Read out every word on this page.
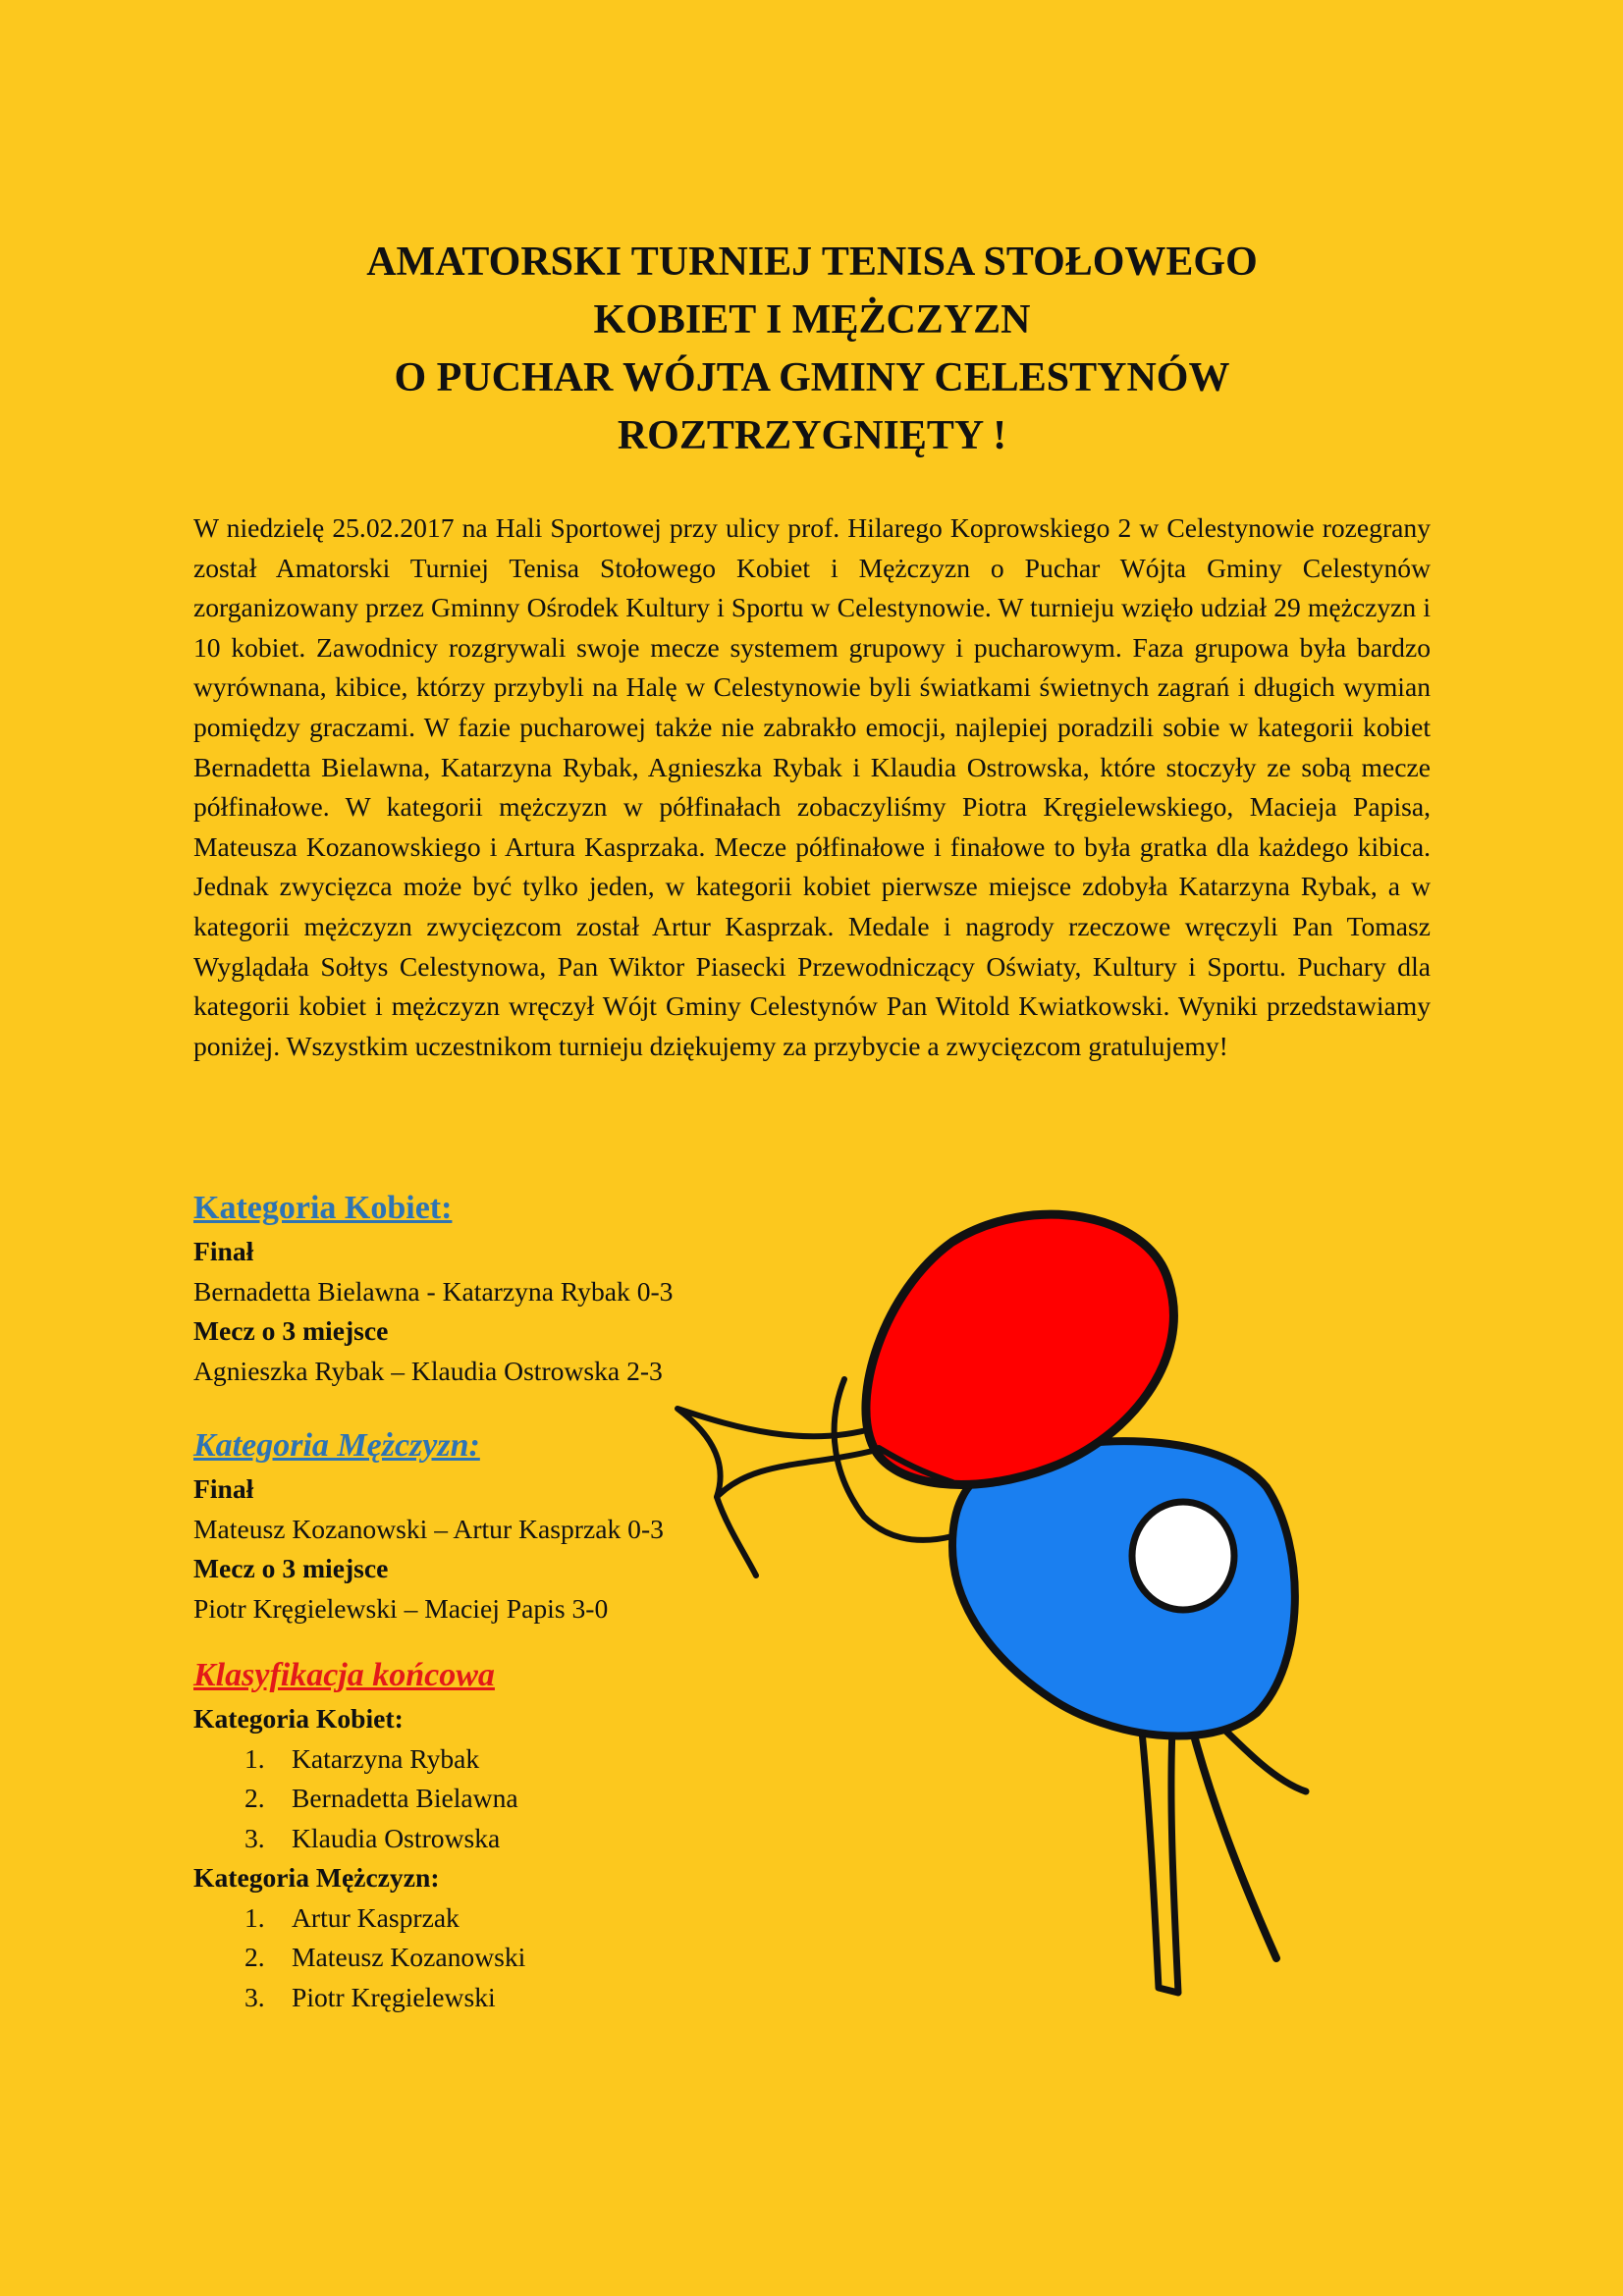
AMATORSKI TURNIEJ TENISA STOŁOWEGO
KOBIET I MĘŻCZYZN
O PUCHAR WÓJTA GMINY CELESTYNÓW
ROZTRZYGNIĘTY !

W niedzielę 25.02.2017 na Hali Sportowej przy ulicy prof. Hilarego Koprowskiego 2 w Celestynowie rozegrany został Amatorski Turniej Tenisa Stołowego Kobiet i Mężczyzn o Puchar Wójta Gminy Celestynów zorganizowany przez Gminny Ośrodek Kultury i Sportu w Celestynowie. W turnieju wzięło udział 29 mężczyzn i 10 kobiet. Zawodnicy rozgrywali swoje mecze systemem grupowy i pucharowym. Faza grupowa była bardzo wyrównana, kibice, którzy przybyli na Halę w Celestynowie byli światkami świetnych zagrań i długich wymian pomiędzy graczami. W fazie pucharowej także nie zabrakło emocji, najlepiej poradzili sobie w kategorii kobiet Bernadetta Bielawna, Katarzyna Rybak, Agnieszka Rybak i Klaudia Ostrowska, które stoczyły ze sobą mecze półfinałowe. W kategorii mężczyzn w półfinałach zobaczyliśmy Piotra Kręgielewskiego, Macieja Papisa, Mateusza Kozanowskiego i Artura Kasprzaka. Mecze półfinałowe i finałowe to była gratka dla każdego kibica. Jednak zwycięzca może być tylko jeden, w kategorii kobiet pierwsze miejsce zdobyła Katarzyna Rybak, a w kategorii mężczyzn zwycięzcom został Artur Kasprzak. Medale i nagrody rzeczowe wręczyli Pan Tomasz Wyglądała Sołtys Celestynowa, Pan Wiktor Piasecki Przewodniczący Oświaty, Kultury i Sportu. Puchary dla kategorii kobiet i mężczyzn wręczył Wójt Gminy Celestynów Pan Witold Kwiatkowski. Wyniki przedstawiamy poniżej. Wszystkim uczestnikom turnieju dziękujemy za przybycie a zwycięzcom gratulujemy!

Kategoria Kobiet:
Finał
Bernadetta Bielawna - Katarzyna Rybak 0-3
Mecz o 3 miejsce
Agnieszka Rybak – Klaudia Ostrowska 2-3
Kategoria Mężczyzn:
Finał
Mateusz Kozanowski – Artur Kasprzak 0-3
Mecz o 3 miejsce
Piotr Kręgielewski – Maciej Papis 3-0
Klasyfikacja końcowa
Kategoria Kobiet:
1. Katarzyna Rybak
2. Bernadetta Bielawna
3. Klaudia Ostrowska
Kategoria Mężczyzn:
1. Artur Kasprzak
2. Mateusz Kozanowski
3. Piotr Kręgielewski
